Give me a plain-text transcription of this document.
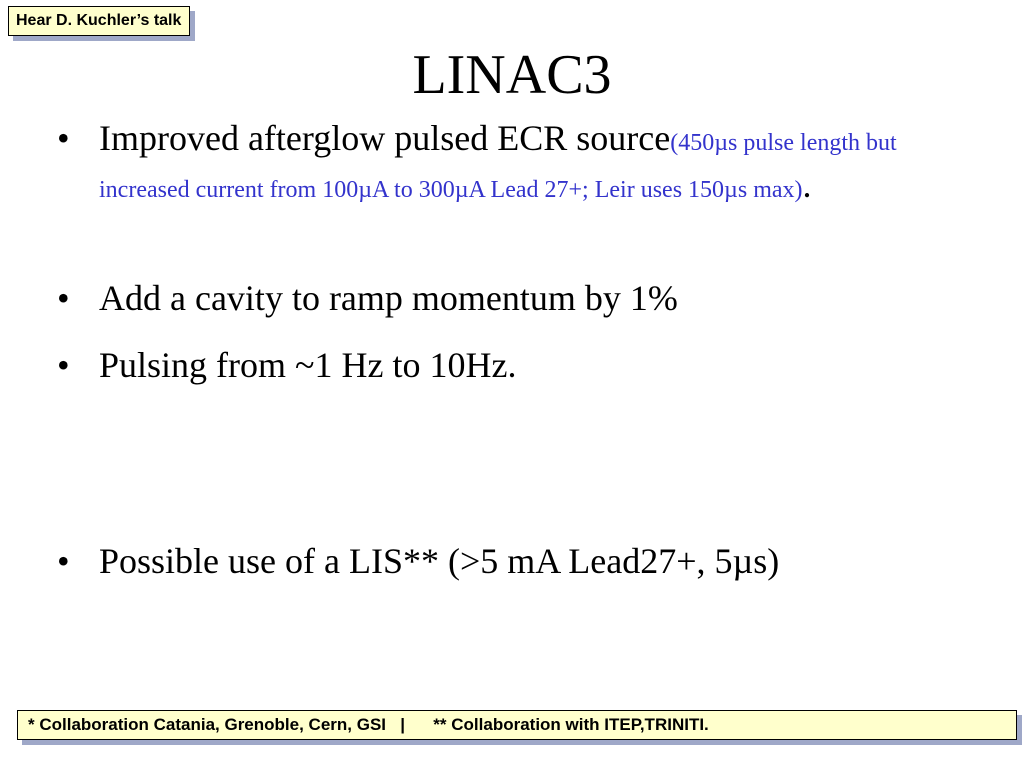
Hear D. Kuchler’s talk
LINAC3
• Improved afterglow pulsed ECR source(450µs pulse length but increased current from 100µA to 300µA Lead 27+; Leir uses 150µs max).
• Add a cavity to ramp momentum by 1%
• Pulsing from ~1 Hz to 10Hz.
• Possible use of a LIS** (>5 mA Lead27+, 5µs)
* Collaboration Catania, Grenoble, Cern, GSI | ** Collaboration with ITEP,TRINITI.
